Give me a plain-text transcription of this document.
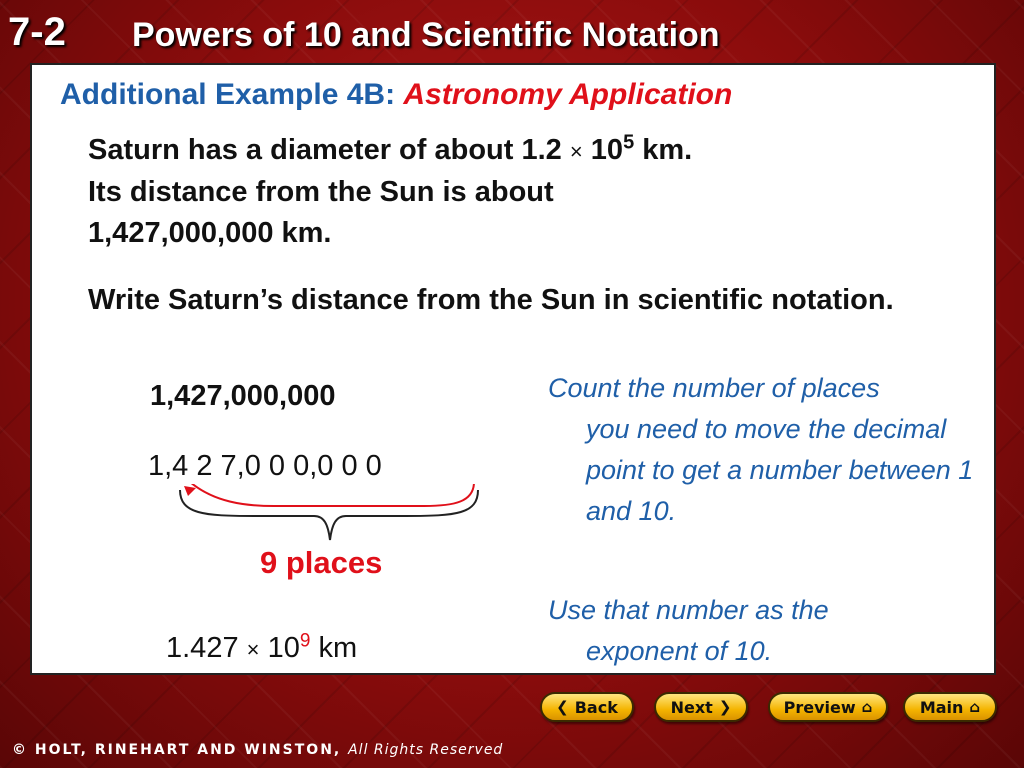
7-2 Powers of 10 and Scientific Notation
Additional Example 4B: Astronomy Application
Saturn has a diameter of about $1.2 \times 10^5$ km.
Its distance from the Sun is about
1,427,000,000 km.
Write Saturn’s distance from the Sun in scientific notation.
1,427,000,000
1,4 2 7,0 0 0,0 0 0
9 places
$1.427 \times 10^9$ km
Count the number of places
you need to move the decimal point to get a number between 1 and 10.
Use that number as the
exponent of 10.
❮ Back	Next ❯	Preview ⌂	Main ⌂
© HOLT, RINEHART AND WINSTON, All Rights Reserved
